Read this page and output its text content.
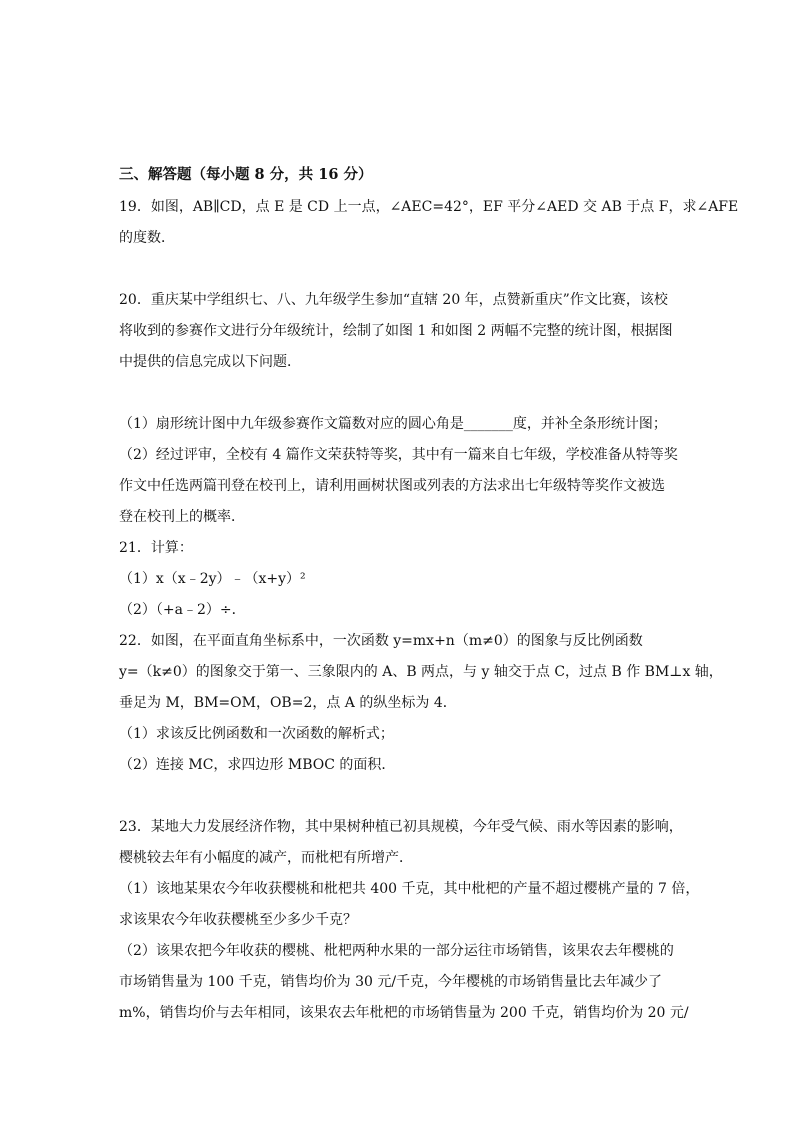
三、解答题（每小题 8 分，共 16 分）
19．如图，AB∥CD，点 E 是 CD 上一点，∠AEC=42°，EF 平分∠AED 交 AB 于点 F，求∠AFE
的度数．
20．重庆某中学组织七、八、九年级学生参加“直辖 20 年，点赞新重庆”作文比赛，该校
将收到的参赛作文进行分年级统计，绘制了如图 1 和如图 2 两幅不完整的统计图，根据图
中提供的信息完成以下问题．
（1）扇形统计图中九年级参赛作文篇数对应的圆心角是_______度，并补全条形统计图；
（2）经过评审，全校有 4 篇作文荣获特等奖，其中有一篇来自七年级，学校准备从特等奖
作文中任选两篇刊登在校刊上，请利用画树状图或列表的方法求出七年级特等奖作文被选
登在校刊上的概率．
21．计算：
（1）x（x﹣2y）﹣（x+y）²
（2）（+a﹣2）÷．
22．如图，在平面直角坐标系中，一次函数 y=mx+n（m≠0）的图象与反比例函数
y=（k≠0）的图象交于第一、三象限内的 A、B 两点，与 y 轴交于点 C，过点 B 作 BM⊥x 轴，
垂足为 M，BM=OM，OB=2，点 A 的纵坐标为 4．
（1）求该反比例函数和一次函数的解析式；
（2）连接 MC，求四边形 MBOC 的面积．
23．某地大力发展经济作物，其中果树种植已初具规模，今年受气候、雨水等因素的影响，
樱桃较去年有小幅度的减产，而枇杷有所增产．
（1）该地某果农今年收获樱桃和枇杷共 400 千克，其中枇杷的产量不超过樱桃产量的 7 倍，
求该果农今年收获樱桃至少多少千克？
（2）该果农把今年收获的樱桃、枇杷两种水果的一部分运往市场销售，该果农去年樱桃的
市场销售量为 100 千克，销售均价为 30 元/千克，今年樱桃的市场销售量比去年减少了
m%，销售均价与去年相同，该果农去年枇杷的市场销售量为 200 千克，销售均价为 20 元/
